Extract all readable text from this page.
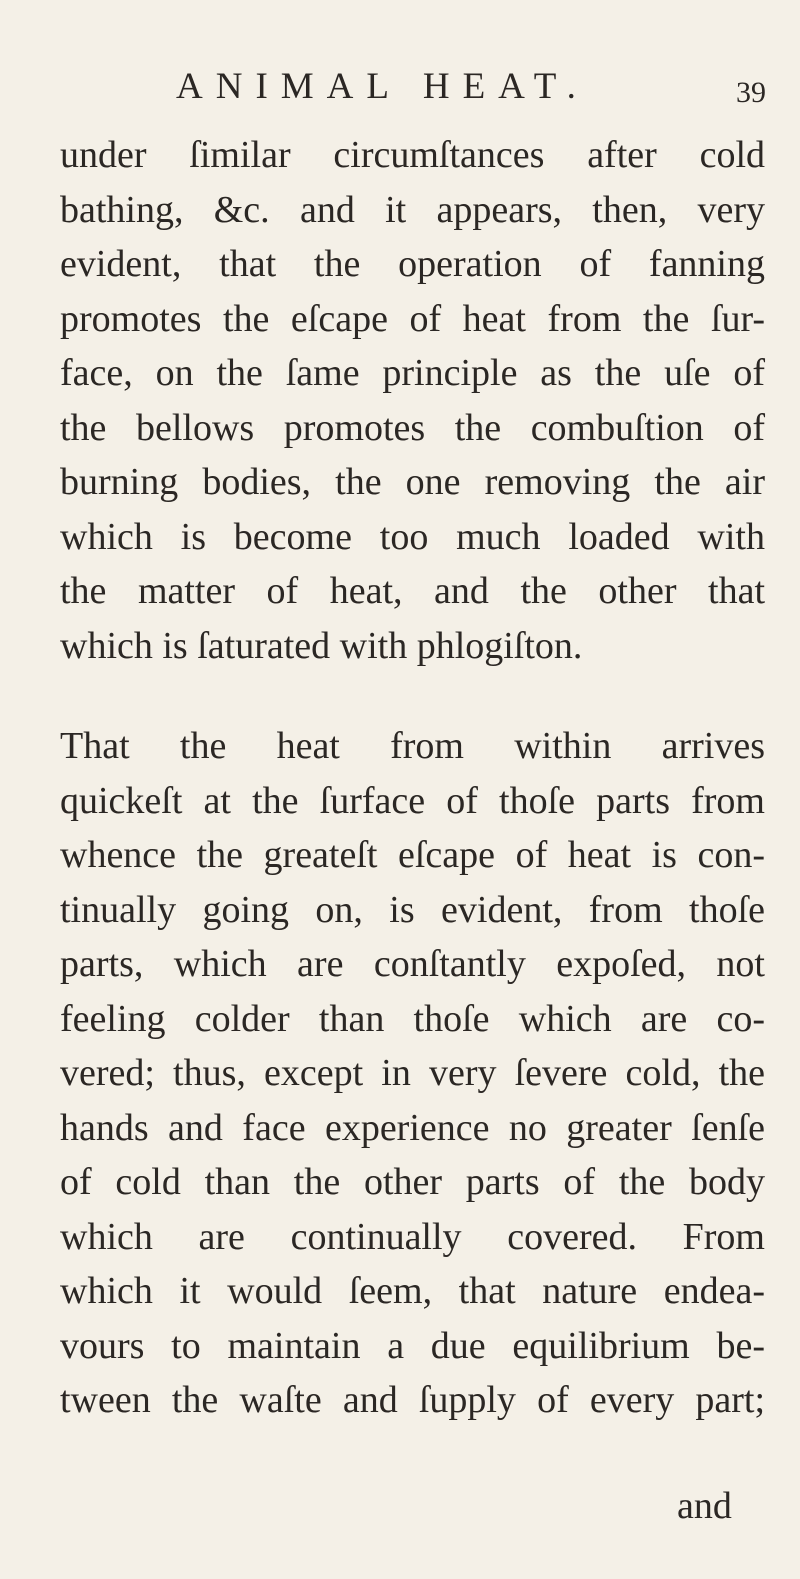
ANIMAL HEAT.	39
under ſimilar circumſtances after cold
bathing, &c. and it appears, then, very
evident, that the operation of fanning
promotes the eſcape of heat from the ſur-
face, on the ſame principle as the uſe of
the bellows promotes the combuſtion of
burning bodies, the one removing the air
which is become too much loaded with
the matter of heat, and the other that
which is ſaturated with phlogiſton.
That the heat from within arrives
quickeſt at the ſurface of thoſe parts from
whence the greateſt eſcape of heat is con-
tinually going on, is evident, from thoſe
parts, which are conſtantly expoſed, not
feeling colder than thoſe which are co-
vered; thus, except in very ſevere cold, the
hands and face experience no greater ſenſe
of cold than the other parts of the body
which are continually covered. From
which it would ſeem, that nature endea-
vours to maintain a due equilibrium be-
tween the waſte and ſupply of every part;
and
